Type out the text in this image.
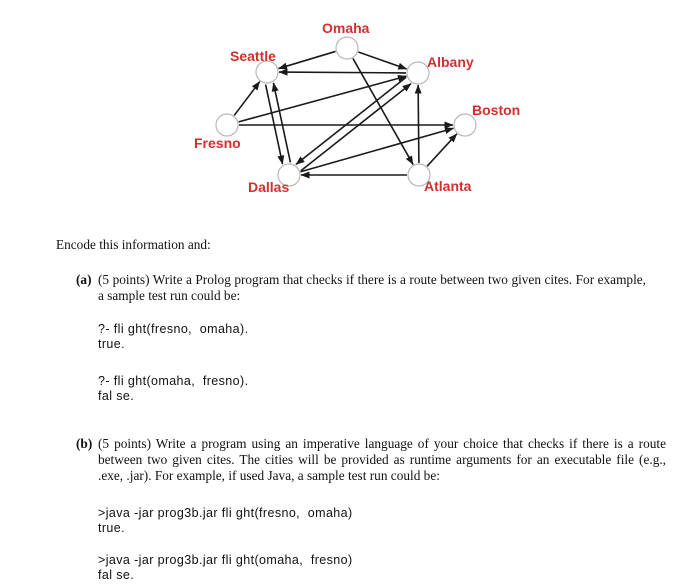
Omaha
Seattle	Albany
Boston
Fresno
Dallas	Atlanta
Encode this information and:
(a) (5 points) Write a Prolog program that checks if there is a route between two given cites. For example, a sample test run could be:
?- fli ght(fresno,  omaha).
true.
?- fli ght(omaha,  fresno).
fal se.
(b) (5 points) Write a program using an imperative language of your choice that checks if there is a route between two given cites. The cities will be provided as runtime arguments for an executable file (e.g., .exe, .jar). For example, if used Java, a sample test run could be:
>java -jar prog3b.jar fli ght(fresno,  omaha)
true.
>java -jar prog3b.jar fli ght(omaha,  fresno)
fal se.
